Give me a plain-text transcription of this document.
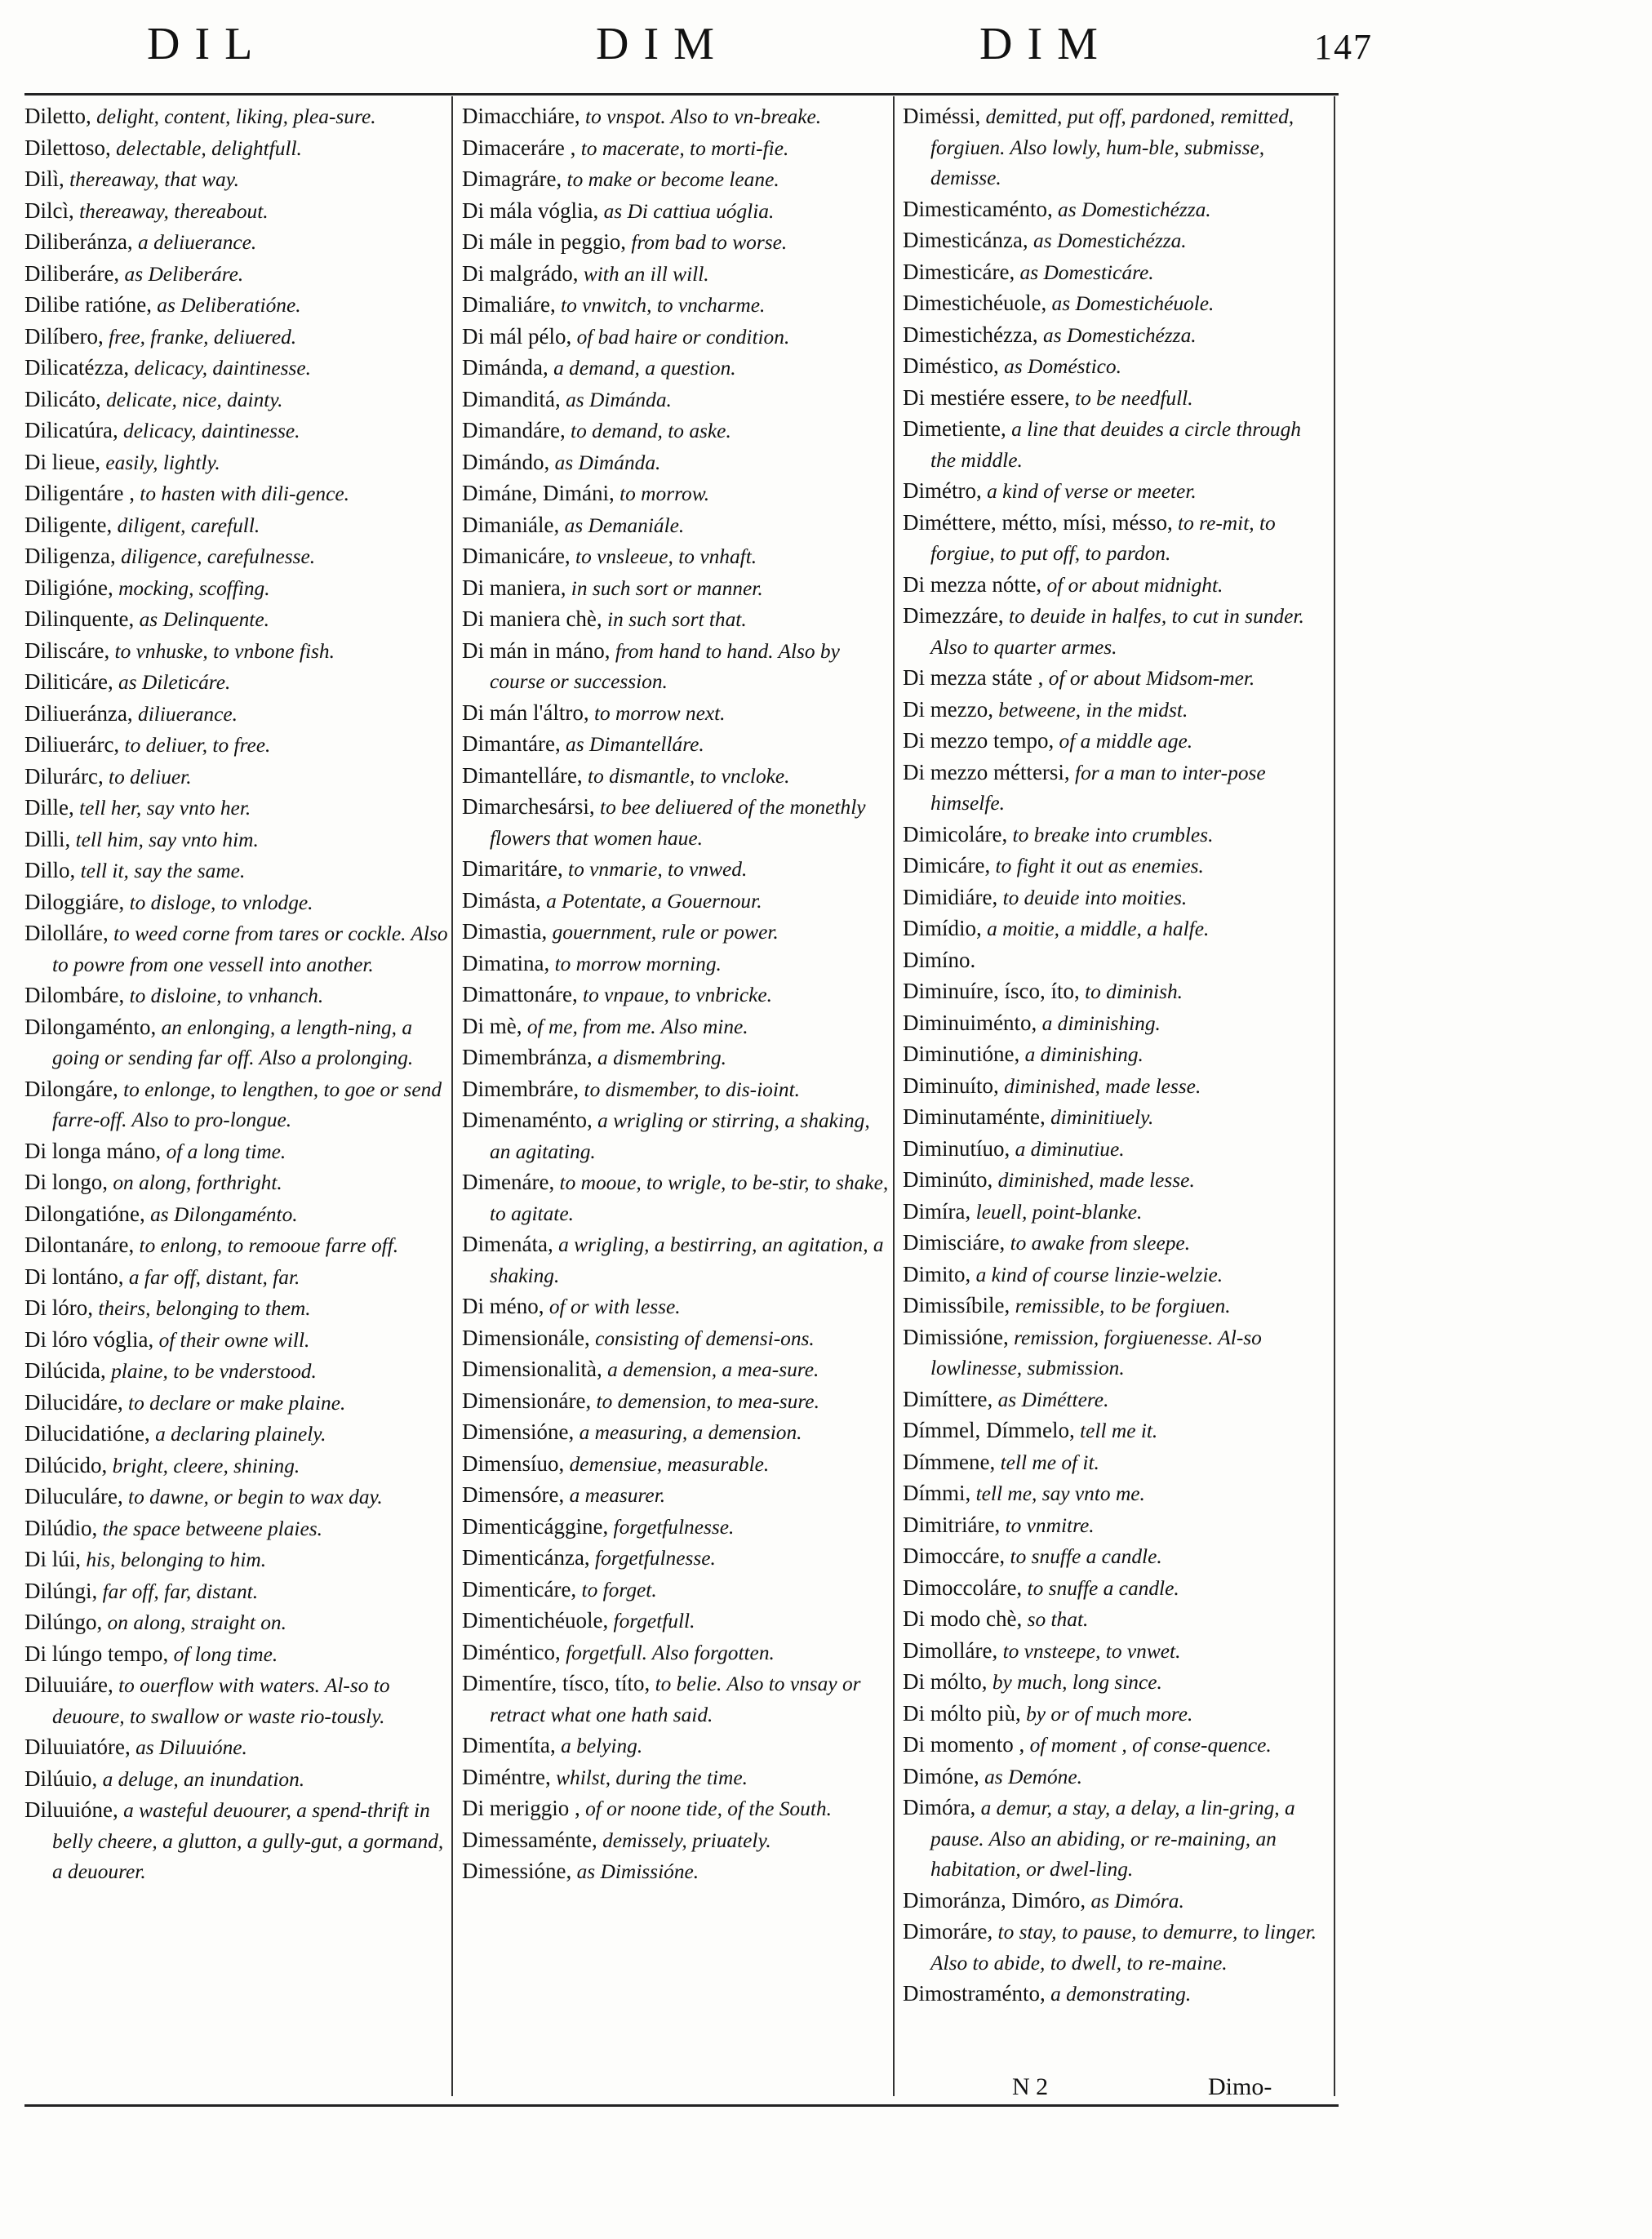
DIL	DIM	DIM	147

Diletto, delight, content, liking, plea-sure.

Dilettoso, delectable, delightfull.

Dilì, thereaway, that way.

Dilcì, thereaway, thereabout.

Diliberánza, a deliuerance.

Diliberáre, as Deliberáre.

Dilibe ratióne, as Deliberatióne.

Dilíbero, free, franke, deliuered.

Dilicatézza, delicacy, daintinesse.

Dilicáto, delicate, nice, dainty.

Dilicatúra, delicacy, daintinesse.

Di lieue, easily, lightly.

Diligentáre , to hasten with dili-gence.

Diligente, diligent, carefull.

Diligenza, diligence, carefulnesse.

Diligióne, mocking, scoffing.

Dilinquente, as Delinquente.

Diliscáre, to vnhuske, to vnbone fish.

Diliticáre, as Dileticáre.

Diliueránza, diliuerance.

Diliuerárc, to deliuer, to free.

Dilurárc, to deliuer.

Dille, tell her, say vnto her.

Dilli, tell him, say vnto him.

Dillo, tell it, say the same.

Diloggiáre, to disloge, to vnlodge.

Dilolláre, to weed corne from tares or cockle. Also to powre from one vessell into another.

Dilombáre, to disloine, to vnhanch.

Dilongaménto, an enlonging, a length-ning, a going or sending far off. Also a prolonging.

Dilongáre, to enlonge, to lengthen, to goe or send farre-off. Also to pro-longue.

Di longa máno, of a long time.

Di longo, on along, forthright.

Dilongatióne, as Dilongaménto.

Dilontanáre, to enlong, to remooue farre off.

Di lontáno, a far off, distant, far.

Di lóro, theirs, belonging to them.

Di lóro vóglia, of their owne will.

Dilúcida, plaine, to be vnderstood.

Dilucidáre, to declare or make plaine.

Dilucidatióne, a declaring plainely.

Dilúcido, bright, cleere, shining.

Diluculáre, to dawne, or begin to wax day.

Dilúdio, the space betweene plaies.

Di lúi, his, belonging to him.

Dilúngi, far off, far, distant.

Dilúngo, on along, straight on.

Di lúngo tempo, of long time.

Diluuiáre, to ouerflow with waters. Al-so to deuoure, to swallow or waste rio-tously.

Diluuiatóre, as Diluuióne.

Dilúuio, a deluge, an inundation.

Diluuióne, a wasteful deuourer, a spend-thrift in belly cheere, a glutton, a gully-gut, a gormand, a deuourer.

Dimacchiáre, to vnspot. Also to vn-breake.

Dimaceráre , to macerate, to morti-fie.

Dimagráre, to make or become leane.

Di mála vóglia, as Di cattiua uóglia.

Di mále in peggio, from bad to worse.

Di malgrádo, with an ill will.

Dimaliáre, to vnwitch, to vncharme.

Di mál pélo, of bad haire or condition.

Dimánda, a demand, a question.

Dimanditá, as Dimánda.

Dimandáre, to demand, to aske.

Dimándo, as Dimánda.

Dimáne, Dimáni, to morrow.

Dimaniále, as Demaniále.

Dimanicáre, to vnsleeue, to vnhaft.

Di maniera, in such sort or manner.

Di maniera chè, in such sort that.

Di mán in máno, from hand to hand. Also by course or succession.

Di mán l'áltro, to morrow next.

Dimantáre, as Dimantelláre.

Dimantelláre, to dismantle, to vncloke.

Dimarchesársi, to bee deliuered of the monethly flowers that women haue.

Dimaritáre, to vnmarie, to vnwed.

Dimásta, a Potentate, a Gouernour.

Dimastia, gouernment, rule or power.

Dimatina, to morrow morning.

Dimattonáre, to vnpaue, to vnbricke.

Di mè, of me, from me. Also mine.

Dimembránza, a dismembring.

Dimembráre, to dismember, to dis-ioint.

Dimenaménto, a wrigling or stirring, a shaking, an agitating.

Dimenáre, to mooue, to wrigle, to be-stir, to shake, to agitate.

Dimenáta, a wrigling, a bestirring, an agitation, a shaking.

Di méno, of or with lesse.

Dimensionále, consisting of demensi-ons.

Dimensionalità, a demension, a mea-sure.

Dimensionáre, to demension, to mea-sure.

Dimensióne, a measuring, a demension.

Dimensíuo, demensiue, measurable.

Dimensóre, a measurer.

Dimenticággine, forgetfulnesse.

Dimenticánza, forgetfulnesse.

Dimenticáre, to forget.

Dimentichéuole, forgetfull.

Diméntico, forgetfull. Also forgotten.

Dimentíre, tísco, títo, to belie. Also to vnsay or retract what one hath said.

Dimentíta, a belying.

Diméntre, whilst, during the time.

Di meriggio , of or noone tide, of the South.

Dimessaménte, demissely, priuately.

Dimessióne, as Dimissióne.

Diméssi, demitted, put off, pardoned, remitted, forgiuen. Also lowly, hum-ble, submisse, demisse.

Dimesticaménto, as Domestichézza.

Dimesticánza, as Domestichézza.

Dimesticáre, as Domesticáre.

Dimestichéuole, as Domestichéuole.

Dimestichézza, as Domestichézza.

Diméstico, as Doméstico.

Di mestiére essere, to be needfull.

Dimetiente, a line that deuides a circle through the middle.

Dimétro, a kind of verse or meeter.

Diméttere, métto, mísi, mésso, to re-mit, to forgiue, to put off, to pardon.

Di mezza nótte, of or about midnight.

Dimezzáre, to deuide in halfes, to cut in sunder. Also to quarter armes.

Di mezza státe , of or about Midsom-mer.

Di mezzo, betweene, in the midst.

Di mezzo tempo, of a middle age.

Di mezzo méttersi, for a man to inter-pose himselfe.

Dimicoláre, to breake into crumbles.

Dimicáre, to fight it out as enemies.

Dimidiáre, to deuide into moities.

Dimídio, a moitie, a middle, a halfe.

Dimíno.

Diminuíre, ísco, íto, to diminish.

Diminuiménto, a diminishing.

Diminutióne, a diminishing.

Diminuíto, diminished, made lesse.

Diminutaménte, diminitiuely.

Diminutíuo, a diminutiue.

Diminúto, diminished, made lesse.

Dimíra, leuell, point-blanke.

Dimisciáre, to awake from sleepe.

Dimito, a kind of course linzie-welzie.

Dimissíbile, remissible, to be forgiuen.

Dimissióne, remission, forgiuenesse. Al-so lowlinesse, submission.

Dimíttere, as Diméttere.

Dímmel, Dímmelo, tell me it.

Dímmene, tell me of it.

Dímmi, tell me, say vnto me.

Dimitriáre, to vnmitre.

Dimoccáre, to snuffe a candle.

Dimoccoláre, to snuffe a candle.

Di modo chè, so that.

Dimolláre, to vnsteepe, to vnwet.

Di mólto, by much, long since.

Di mólto più, by or of much more.

Di momento , of moment , of conse-quence.

Dimóne, as Demóne.

Dimóra, a demur, a stay, a delay, a lin-gring, a pause. Also an abiding, or re-maining, an habitation, or dwel-ling.

Dimoránza, Dimóro, as Dimóra.

Dimoráre, to stay, to pause, to demurre, to linger. Also to abide, to dwell, to re-maine.

Dimostraménto, a demonstrating.

N 2	Dimo-
